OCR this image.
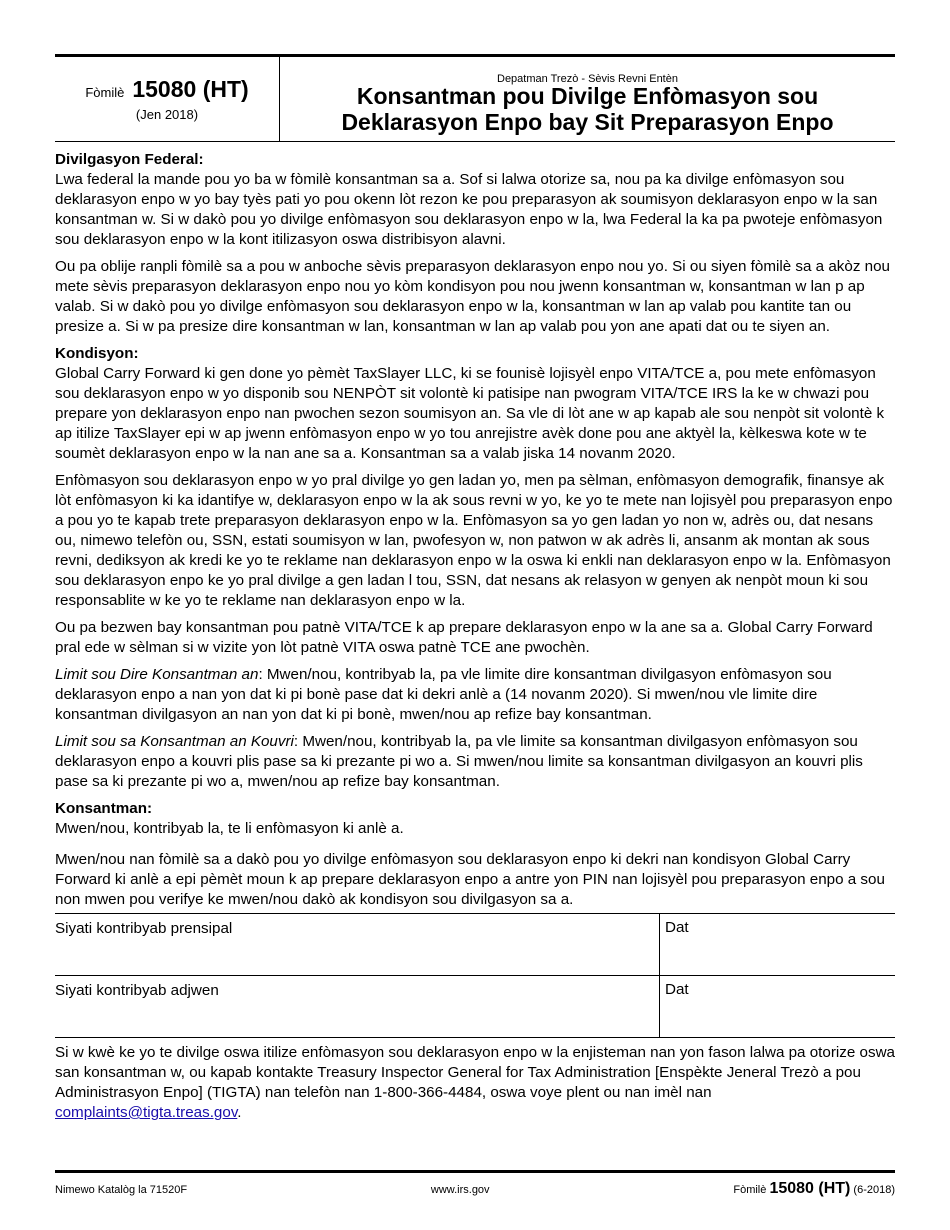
Fòmilè 15080 (HT)
(Jen 2018)
Depatman Trezò - Sèvis Revni Entèn
Konsantman pou Divilge Enfòmasyon sou
Deklarasyon Enpo bay Sit Preparasyon Enpo

Divilgasyon Federal:
Lwa federal la mande pou yo ba w fòmilè konsantman sa a. Sof si lalwa otorize sa, nou pa ka divilge enfòmasyon sou deklarasyon enpo w yo bay tyès pati yo pou okenn lòt rezon ke pou preparasyon ak soumisyon deklarasyon enpo w la san konsantman w. Si w dakò pou yo divilge enfòmasyon sou deklarasyon enpo w la, lwa Federal la ka pa pwoteje enfòmasyon sou deklarasyon enpo w la kont itilizasyon oswa distribisyon alavni.

Ou pa oblije ranpli fòmilè sa a pou w anboche sèvis preparasyon deklarasyon enpo nou yo. Si ou siyen fòmilè sa a akòz nou mete sèvis preparasyon deklarasyon enpo nou yo kòm kondisyon pou nou jwenn konsantman w, konsantman w lan p ap valab. Si w dakò pou yo divilge enfòmasyon sou deklarasyon enpo w la, konsantman w lan ap valab pou kantite tan ou presize a. Si w pa presize dire konsantman w lan, konsantman w lan ap valab pou yon ane apati dat ou te siyen an.

Kondisyon:
Global Carry Forward ki gen done yo pèmèt TaxSlayer LLC, ki se founisè lojisyèl enpo VITA/TCE a, pou mete enfòmasyon sou deklarasyon enpo w yo disponib sou NENPÒT sit volontè ki patisipe nan pwogram VITA/TCE IRS la ke w chwazi pou prepare yon deklarasyon enpo nan pwochen sezon soumisyon an. Sa vle di lòt ane w ap kapab ale sou nenpòt sit volontè k ap itilize TaxSlayer epi w ap jwenn enfòmasyon enpo w yo tou anrejistre avèk done pou ane aktyèl la, kèlkeswa kote w te soumèt deklarasyon enpo w la nan ane sa a. Konsantman sa a valab jiska 14 novanm 2020.

Enfòmasyon sou deklarasyon enpo w yo pral divilge yo gen ladan yo, men pa sèlman, enfòmasyon demografik, finansye ak lòt enfòmasyon ki ka idantifye w, deklarasyon enpo w la ak sous revni w yo, ke yo te mete nan lojisyèl pou preparasyon enpo a pou yo te kapab trete preparasyon deklarasyon enpo w la. Enfòmasyon sa yo gen ladan yo non w, adrès ou, dat nesans ou, nimewo telefòn ou, SSN, estati soumisyon w lan, pwofesyon w, non patwon w ak adrès li, ansanm ak montan ak sous revni, dediksyon ak kredi ke yo te reklame nan deklarasyon enpo w la oswa ki enkli nan deklarasyon enpo w la. Enfòmasyon sou deklarasyon enpo ke yo pral divilge a gen ladan l tou, SSN, dat nesans ak relasyon w genyen ak nenpòt moun ki sou responsablite w ke yo te reklame nan deklarasyon enpo w la.

Ou pa bezwen bay konsantman pou patnè VITA/TCE k ap prepare deklarasyon enpo w la ane sa a. Global Carry Forward pral ede w sèlman si w vizite yon lòt patnè VITA oswa patnè TCE ane pwochèn.

Limit sou Dire Konsantman an: Mwen/nou, kontribyab la, pa vle limite dire konsantman divilgasyon enfòmasyon sou deklarasyon enpo a nan yon dat ki pi bonè pase dat ki dekri anlè a (14 novanm 2020). Si mwen/nou vle limite dire konsantman divilgasyon an nan yon dat ki pi bonè, mwen/nou ap refize bay konsantman.

Limit sou sa Konsantman an Kouvri: Mwen/nou, kontribyab la, pa vle limite sa konsantman divilgasyon enfòmasyon sou deklarasyon enpo a kouvri plis pase sa ki prezante pi wo a. Si mwen/nou limite sa konsantman divilgasyon an kouvri plis pase sa ki prezante pi wo a, mwen/nou ap refize bay konsantman.

Konsantman:
Mwen/nou, kontribyab la, te li enfòmasyon ki anlè a.

Mwen/nou nan fòmilè sa a dakò pou yo divilge enfòmasyon sou deklarasyon enpo ki dekri nan kondisyon Global Carry Forward ki anlè a epi pèmèt moun k ap prepare deklarasyon enpo a antre yon PIN nan lojisyèl pou preparasyon enpo a sou non mwen pou verifye ke mwen/nou dakò ak kondisyon sou divilgasyon sa a.

Siyati kontribyab prensipal	Dat
Siyati kontribyab adjwen	Dat
Si w kwè ke yo te divilge oswa itilize enfòmasyon sou deklarasyon enpo w la enjisteman nan yon fason lalwa pa otorize oswa san konsantman w, ou kapab kontakte Treasury Inspector General for Tax Administration [Enspèkte Jeneral Trezò a pou Administrasyon Enpo] (TIGTA) nan telefòn nan 1-800-366-4484, oswa voye plent ou nan imèl nan complaints@tigta.treas.gov.
Nimewo Katalòg la 71520F	www.irs.gov	Fòmilè 15080 (HT) (6-2018)
